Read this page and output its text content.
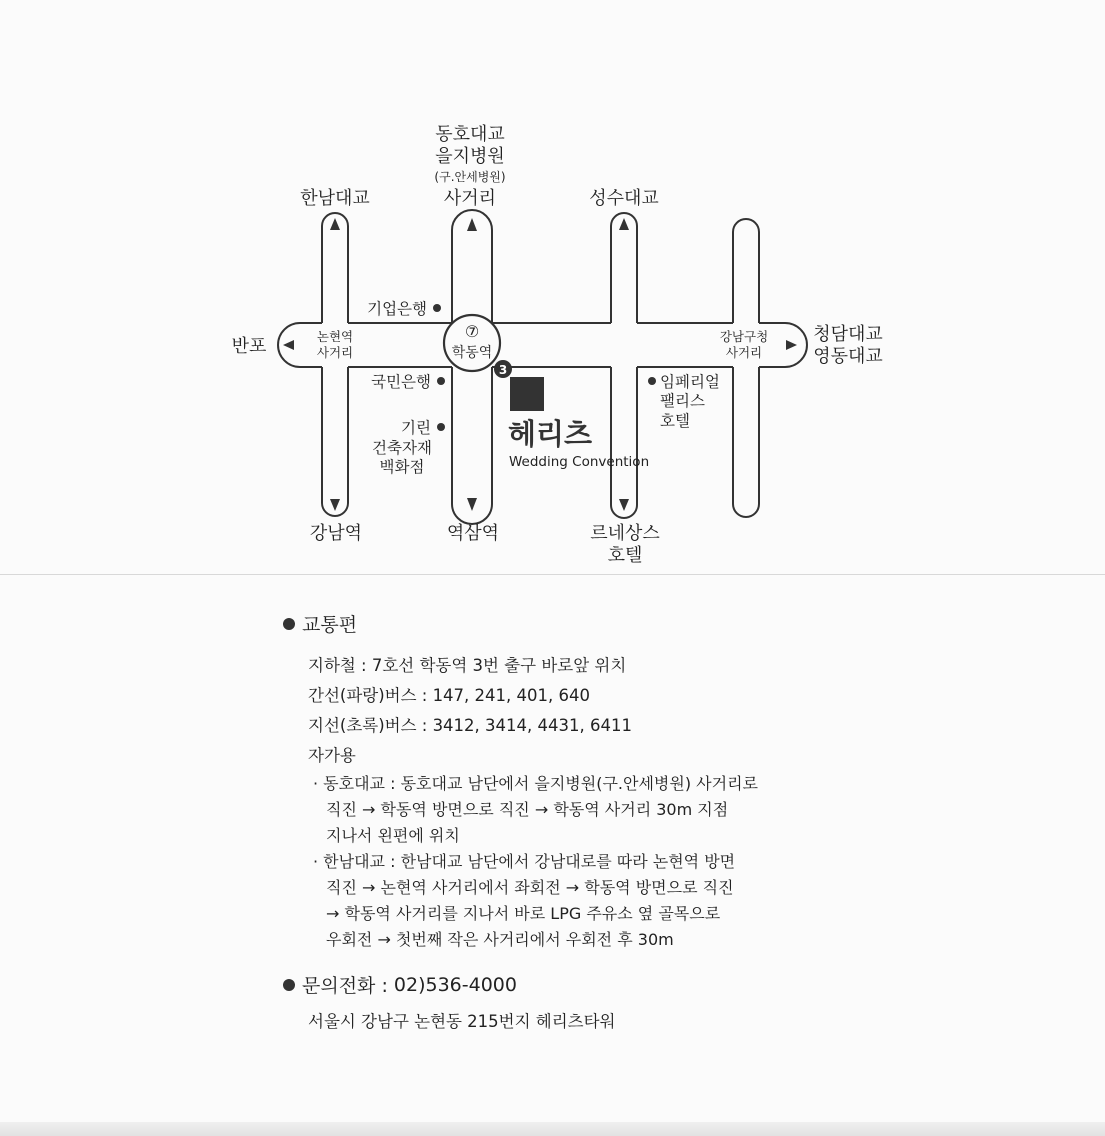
3
⑦
학동역
한남대교
동호대교
을지병원
(구.안세병원)
사거리	성수대교
반포
청담대교
영동대교
논현역
사거리
강남구청
사거리
기업은행
국민은행
기린
건축자재
백화점
임페리얼
팰리스
호텔
헤리츠
Wedding Convention
강남역	역삼역	르네상스
호텔
교통편
지하철 : 7호선 학동역 3번 출구 바로앞 위치
간선(파랑)버스 : 147, 241, 401, 640
지선(초록)버스 : 3412, 3414, 4431, 6411
자가용
· 동호대교 : 동호대교 남단에서 을지병원(구.안세병원) 사거리로
직진 → 학동역 방면으로 직진 → 학동역 사거리 30m 지점
지나서 왼편에 위치
· 한남대교 : 한남대교 남단에서 강남대로를 따라 논현역 방면
직진 → 논현역 사거리에서 좌회전 → 학동역 방면으로 직진
→ 학동역 사거리를 지나서 바로 LPG 주유소 옆 골목으로
우회전 → 첫번째 작은 사거리에서 우회전 후 30m
문의전화 :
02)536-4000
서울시 강남구 논현동 215번지 헤리츠타워
